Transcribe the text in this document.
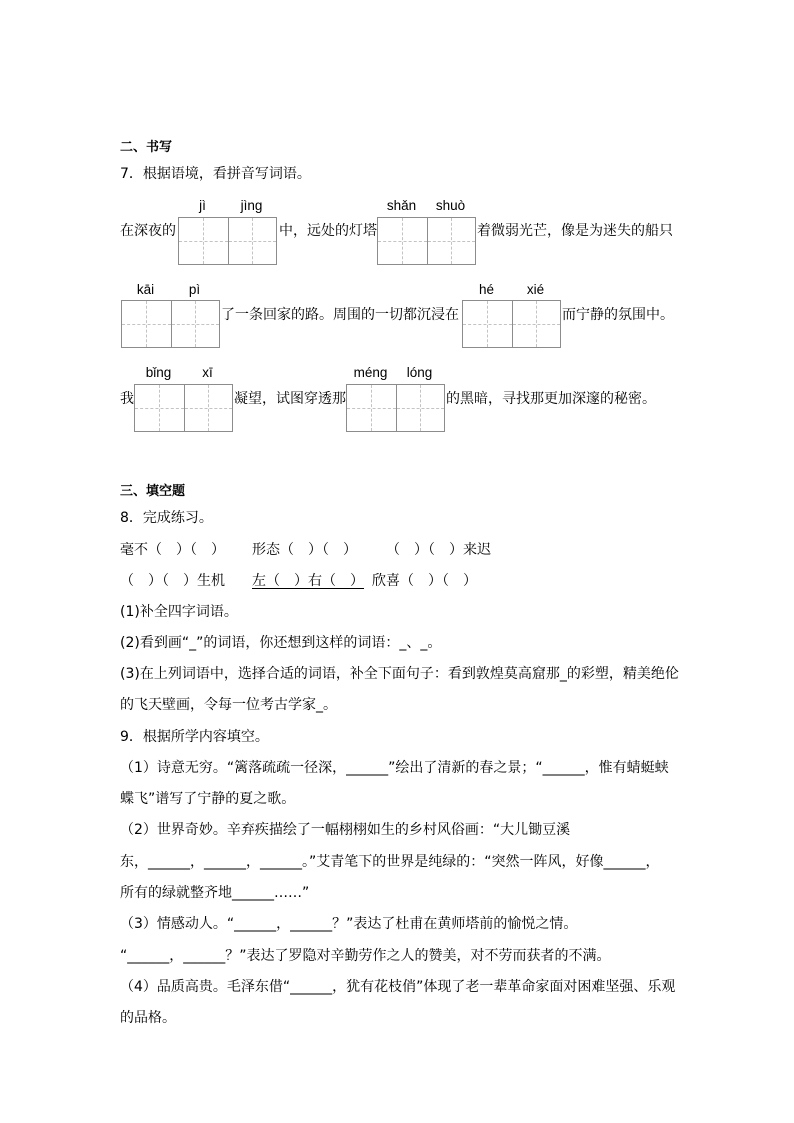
二、书写
7．根据语境，看拼音写词语。
jì	jìng	shǎn	shuò
在深夜的	中，远处的灯塔	着微弱光芒，像是为迷失的船只
kāi	pì	hé	xié
了一条回家的路。周围的一切都沉浸在	而宁静的氛围中。
bǐng	xī	méng	lóng
我	凝望，试图穿透那	的黑暗，寻找那更加深邃的秘密。
三、填空题
8．完成练习。
毫不（　）（　） 形态（　）（　） （　）（　）来迟
（　）（　）生机 左（　）右（　） 欣喜（　）（　）
(1)补全四字词语。
(2)看到画“_”的词语，你还想到这样的词语：_、_。
(3)在上列词语中，选择合适的词语，补全下面句子：看到敦煌莫高窟那_的彩塑，精美绝伦
的飞天壁画，令每一位考古学家_。
9．根据所学内容填空。
（1）诗意无穷。“篱落疏疏一径深，______”绘出了清新的春之景；“______，惟有蜻蜓蛱
蝶飞”谱写了宁静的夏之歌。
（2）世界奇妙。辛弃疾描绘了一幅栩栩如生的乡村风俗画：“大儿锄豆溪
东，______，______，______。”艾青笔下的世界是纯绿的：“突然一阵风，好像______，
所有的绿就整齐地______……”
（3）情感动人。“______，______？”表达了杜甫在黄师塔前的愉悦之情。
“______，______？”表达了罗隐对辛勤劳作之人的赞美，对不劳而获者的不满。
（4）品质高贵。毛泽东借“______，犹有花枝俏”体现了老一辈革命家面对困难坚强、乐观
的品格。
